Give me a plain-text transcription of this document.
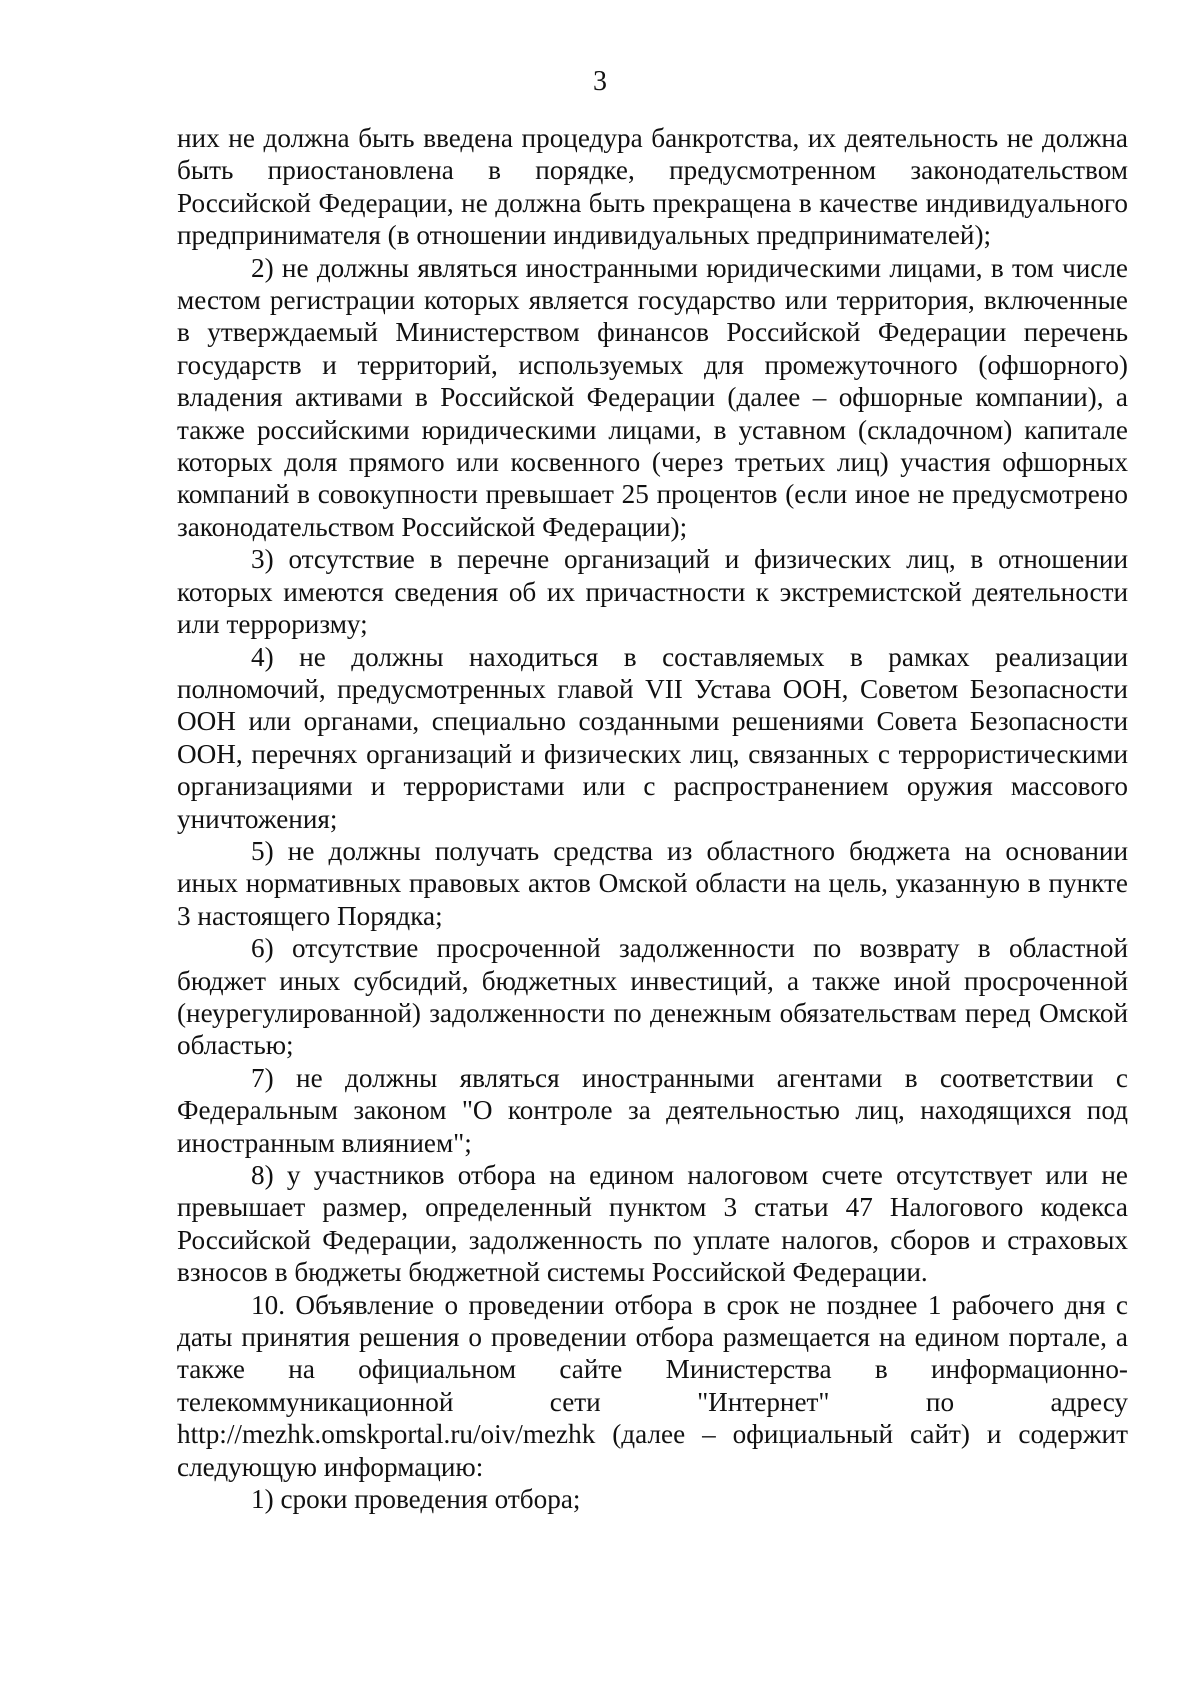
3

них не должна быть введена процедура банкротства, их деятельность не должна быть приостановлена в порядке, предусмотренном законодательством Российской Федерации, не должна быть прекращена в качестве индивидуального предпринимателя (в отношении индивидуальных предпринимателей);

2) не должны являться иностранными юридическими лицами, в том числе местом регистрации которых является государство или территория, включенные в утверждаемый Министерством финансов Российской Федерации перечень государств и территорий, используемых для промежуточного (офшорного) владения активами в Российской Федерации (далее – офшорные компании), а также российскими юридическими лицами, в уставном (складочном) капитале которых доля прямого или косвенного (через третьих лиц) участия офшорных компаний в совокупности превышает 25 процентов (если иное не предусмотрено законодательством Российской Федерации);

3) отсутствие в перечне организаций и физических лиц, в отношении которых имеются сведения об их причастности к экстремистской деятельности или терроризму;

4) не должны находиться в составляемых в рамках реализации полномочий, предусмотренных главой VII Устава ООН, Советом Безопасности ООН или органами, специально созданными решениями Совета Безопасности ООН, перечнях организаций и физических лиц, связанных с террористическими организациями и террористами или с распространением оружия массового уничтожения;

5) не должны получать средства из областного бюджета на основании иных нормативных правовых актов Омской области на цель, указанную в пункте 3 настоящего Порядка;

6) отсутствие просроченной задолженности по возврату в областной бюджет иных субсидий, бюджетных инвестиций, а также иной просроченной (неурегулированной) задолженности по денежным обязательствам перед Омской областью;

7) не должны являться иностранными агентами в соответствии с Федеральным законом "О контроле за деятельностью лиц, находящихся под иностранным влиянием";

8) у участников отбора на едином налоговом счете отсутствует или не превышает размер, определенный пунктом 3 статьи 47 Налогового кодекса Российской Федерации, задолженность по уплате налогов, сборов и страховых взносов в бюджеты бюджетной системы Российской Федерации.

10. Объявление о проведении отбора в срок не позднее 1 рабочего дня с даты принятия решения о проведении отбора размещается на едином портале, а также на официальном сайте Министерства в информационно-телекоммуникационной сети "Интернет" по адресу http://mezhk.omskportal.ru/oiv/mezhk (далее – официальный сайт) и содержит следующую информацию:

1) сроки проведения отбора;
